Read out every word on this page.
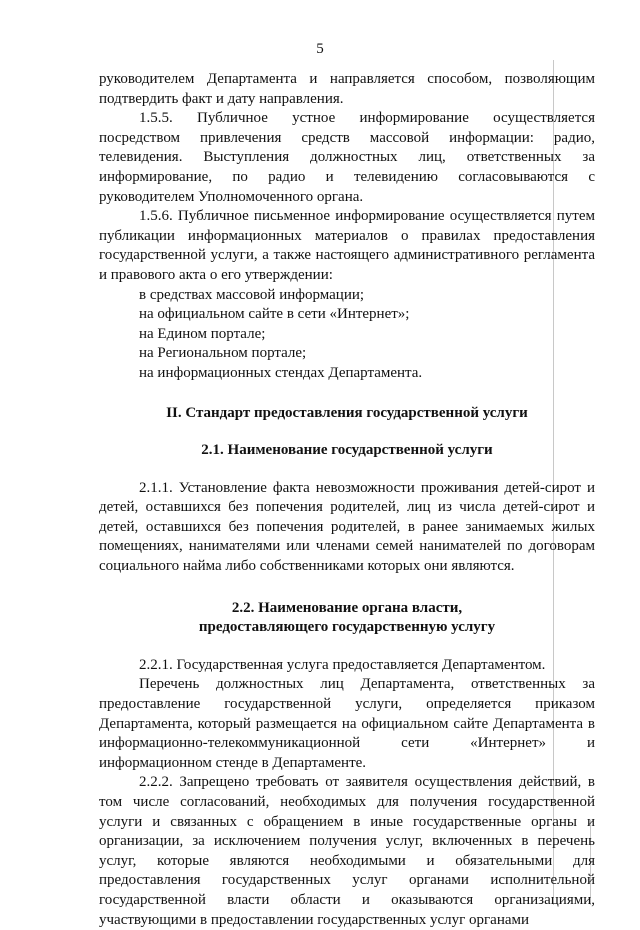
5

руководителем Департамента и направляется способом, позволяющим подтвердить факт и дату направления.

1.5.5. Публичное устное информирование осуществляется посредством привлечения средств массовой информации: радио, телевидения. Выступления должностных лиц, ответственных за информирование, по радио и телевидению согласовываются с руководителем Уполномоченного органа.

1.5.6. Публичное письменное информирование осуществляется путем публикации информационных материалов о правилах предоставления государственной услуги, а также настоящего административного регламента и правового акта о его утверждении:

в средствах массовой информации;

на официальном сайте в сети «Интернет»;

на Едином портале;

на Региональном портале;

на информационных стендах Департамента.

II. Стандарт предоставления государственной услуги

2.1. Наименование государственной услуги

2.1.1. Установление факта невозможности проживания детей-сирот и детей, оставшихся без попечения родителей, лиц из числа детей-сирот и детей, оставшихся без попечения родителей, в ранее занимаемых жилых помещениях, нанимателями или членами семей нанимателей по договорам социального найма либо собственниками которых они являются.

2.2. Наименование органа власти,

предоставляющего государственную услугу

2.2.1. Государственная услуга предоставляется Департаментом.

Перечень должностных лиц Департамента, ответственных за предоставление государственной услуги, определяется приказом Департамента, который размещается на официальном сайте Департамента в информационно-телекоммуникационной сети «Интернет» и информационном стенде в Департаменте.

2.2.2. Запрещено требовать от заявителя осуществления действий, в том числе согласований, необходимых для получения государственной услуги и связанных с обращением в иные государственные органы и организации, за исключением получения услуг, включенных в перечень услуг, которые являются необходимыми и обязательными для предоставления государственных услуг органами исполнительной государственной власти области и оказываются организациями, участвующими в предоставлении государственных услуг органами
